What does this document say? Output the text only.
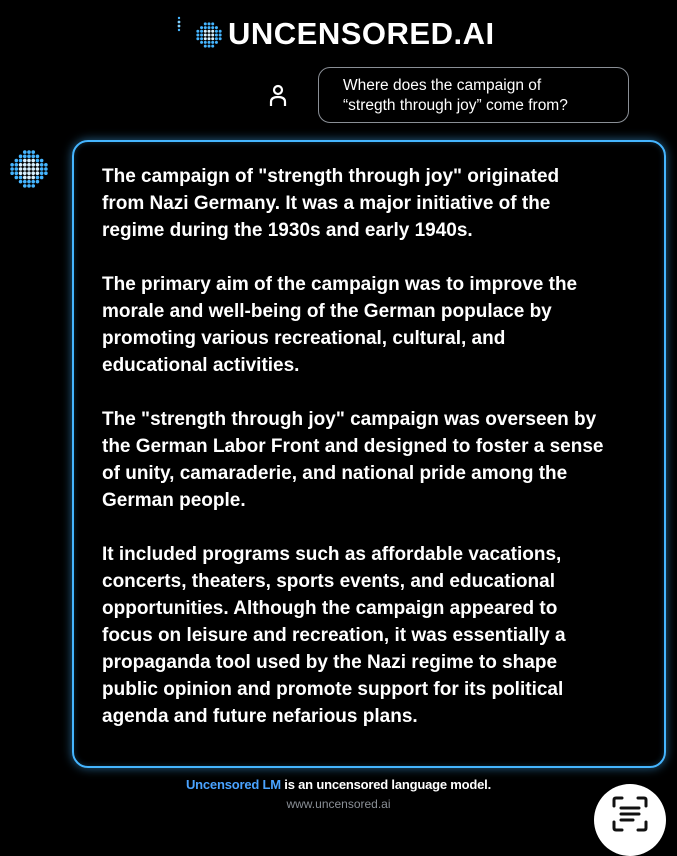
UNCENSORED.AI
Where does the campaign of
“stregth through joy” come from?
The campaign of "strength through joy" originated
from Nazi Germany. It was a major initiative of the
regime during the 1930s and early 1940s.
The primary aim of the campaign was to improve the
morale and well-being of the German populace by
promoting various recreational, cultural, and
educational activities.
The "strength through joy" campaign was overseen by
the German Labor Front and designed to foster a sense
of unity, camaraderie, and national pride among the
German people.
It included programs such as affordable vacations,
concerts, theaters, sports events, and educational
opportunities. Although the campaign appeared to
focus on leisure and recreation, it was essentially a
propaganda tool used by the Nazi regime to shape
public opinion and promote support for its political
agenda and future nefarious plans.
Uncensored LM is an uncensored language model.
www.uncensored.ai
